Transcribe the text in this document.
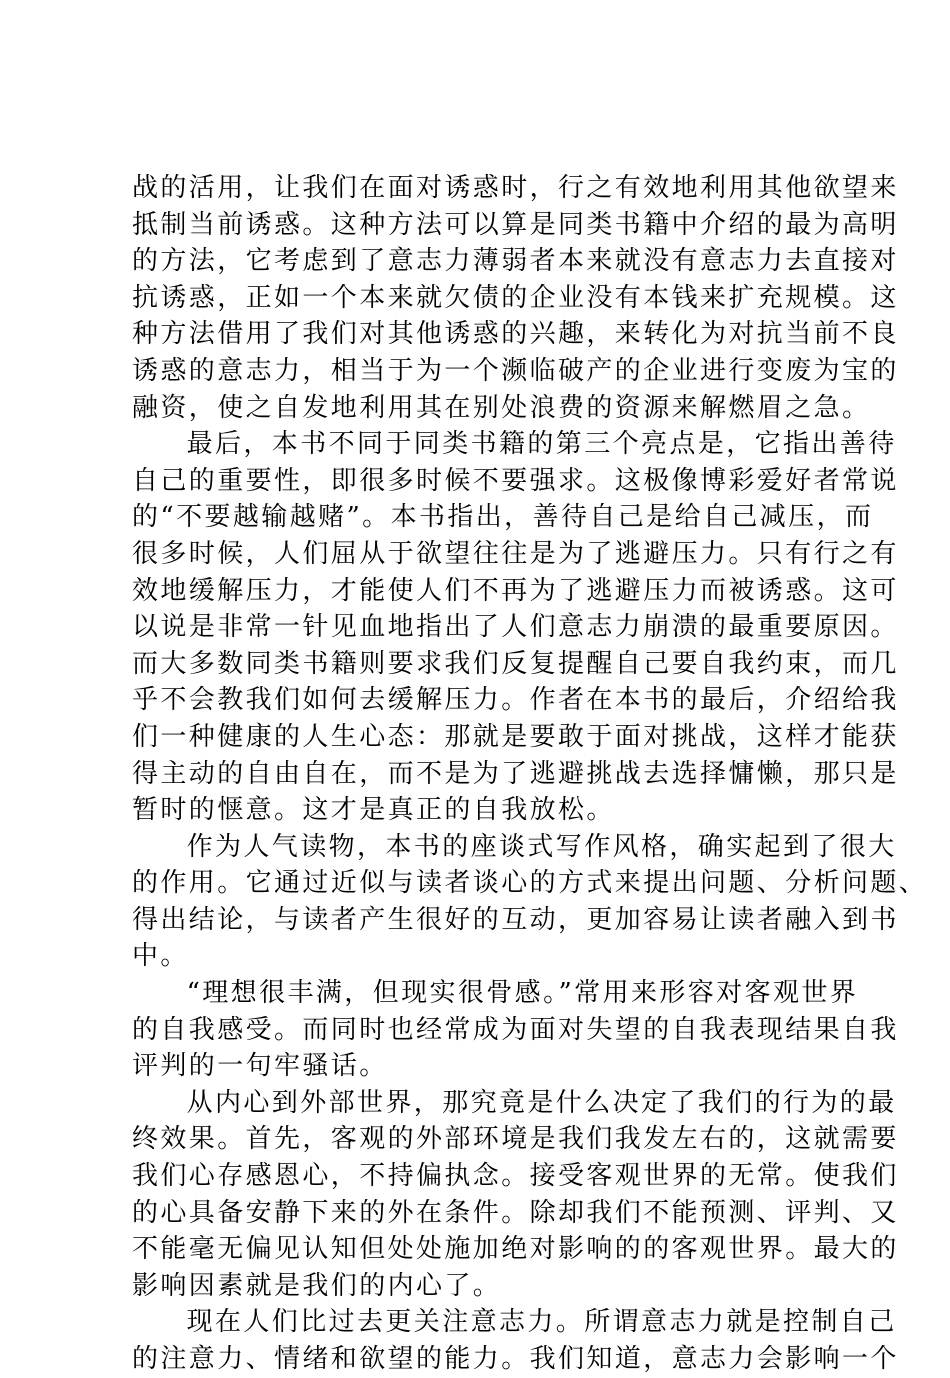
战的活用，让我们在面对诱惑时，行之有效地利用其他欲望来
抵制当前诱惑。这种方法可以算是同类书籍中介绍的最为高明
的方法，它考虑到了意志力薄弱者本来就没有意志力去直接对
抗诱惑，正如一个本来就欠债的企业没有本钱来扩充规模。这
种方法借用了我们对其他诱惑的兴趣，来转化为对抗当前不良
诱惑的意志力，相当于为一个濒临破产的企业进行变废为宝的
融资，使之自发地利用其在别处浪费的资源来解燃眉之急。
最后，本书不同于同类书籍的第三个亮点是，它指出善待
自己的重要性，即很多时候不要强求。这极像博彩爱好者常说
的“不要越输越赌”。本书指出，善待自己是给自己减压，而
很多时候，人们屈从于欲望往往是为了逃避压力。只有行之有
效地缓解压力，才能使人们不再为了逃避压力而被诱惑。这可
以说是非常一针见血地指出了人们意志力崩溃的最重要原因。
而大多数同类书籍则要求我们反复提醒自己要自我约束，而几
乎不会教我们如何去缓解压力。作者在本书的最后，介绍给我
们一种健康的人生心态：那就是要敢于面对挑战，这样才能获
得主动的自由自在，而不是为了逃避挑战去选择慵懒，那只是
暂时的惬意。这才是真正的自我放松。
作为人气读物，本书的座谈式写作风格，确实起到了很大
的作用。它通过近似与读者谈心的方式来提出问题、分析问题、
得出结论，与读者产生很好的互动，更加容易让读者融入到书
中。
“理想很丰满，但现实很骨感。”常用来形容对客观世界
的自我感受。而同时也经常成为面对失望的自我表现结果自我
评判的一句牢骚话。
从内心到外部世界，那究竟是什么决定了我们的行为的最
终效果。首先，客观的外部环境是我们我发左右的，这就需要
我们心存感恩心，不持偏执念。接受客观世界的无常。使我们
的心具备安静下来的外在条件。除却我们不能预测、评判、又
不能毫无偏见认知但处处施加绝对影响的的客观世界。最大的
影响因素就是我们的内心了。
现在人们比过去更关注意志力。所谓意志力就是控制自己
的注意力、情绪和欲望的能力。我们知道，意志力会影响一个
